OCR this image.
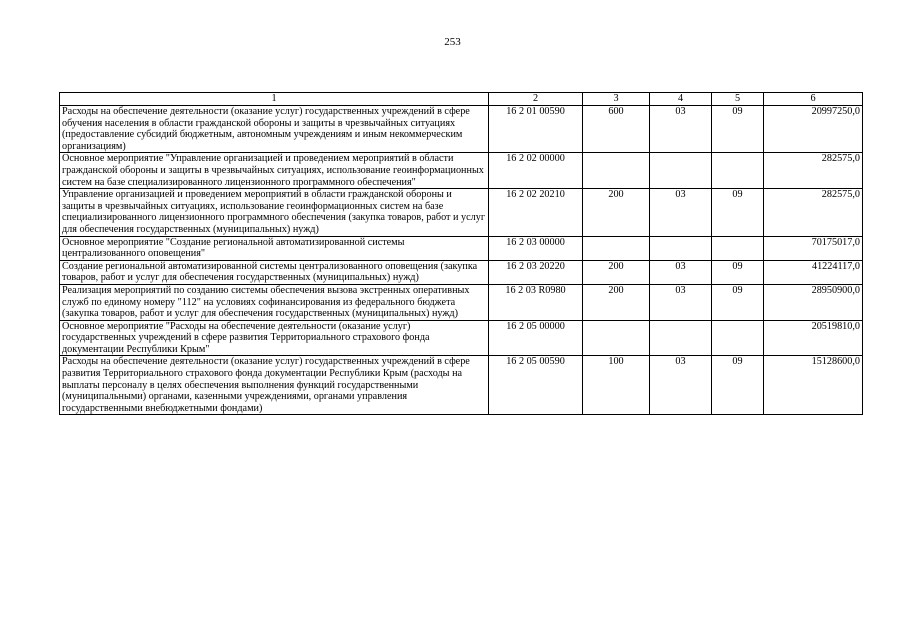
253
1	2	3	4	5	6
Расходы на обеспечение деятельности (оказание услуг) государственных учреждений в сфере обучения населения в области гражданской обороны и защиты в чрезвычайных ситуациях (предоставление субсидий бюджетным, автономным учреждениям и иным некоммерческим организациям)	16 2 01 00590	600	03	09	20997250,0
Основное мероприятие "Управление организацией и проведением мероприятий в области гражданской обороны и защиты в чрезвычайных ситуациях, использование геоинформационных систем на базе специализированного лицензионного программного обеспечения"	16 2 02 00000				282575,0
Управление организацией и проведением мероприятий в области гражданской обороны и защиты в чрезвычайных ситуациях, использование геоинформационных систем на базе специализированного лицензионного программного обеспечения (закупка товаров, работ и услуг для обеспечения государственных (муниципальных) нужд)	16 2 02 20210	200	03	09	282575,0
Основное мероприятие "Создание региональной автоматизированной системы централизованного оповещения"	16 2 03 00000				70175017,0
Создание региональной автоматизированной системы централизованного оповещения (закупка товаров, работ и услуг для обеспечения государственных (муниципальных) нужд)	16 2 03 20220	200	03	09	41224117,0
Реализация мероприятий по созданию системы обеспечения вызова экстренных оперативных служб по единому номеру "112" на условиях софинансирования из федерального бюджета (закупка товаров, работ и услуг для обеспечения государственных (муниципальных) нужд)	16 2 03 R0980	200	03	09	28950900,0
Основное мероприятие "Расходы на обеспечение деятельности (оказание услуг) государственных учреждений в сфере развития Территориального страхового фонда документации Республики Крым"	16 2 05 00000				20519810,0
Расходы на обеспечение деятельности (оказание услуг) государственных учреждений в сфере развития Территориального страхового фонда документации Республики Крым (расходы на выплаты персоналу в целях обеспечения выполнения функций государственными (муниципальными) органами, казенными учреждениями, органами управления государственными внебюджетными фондами)	16 2 05 00590	100	03	09	15128600,0
